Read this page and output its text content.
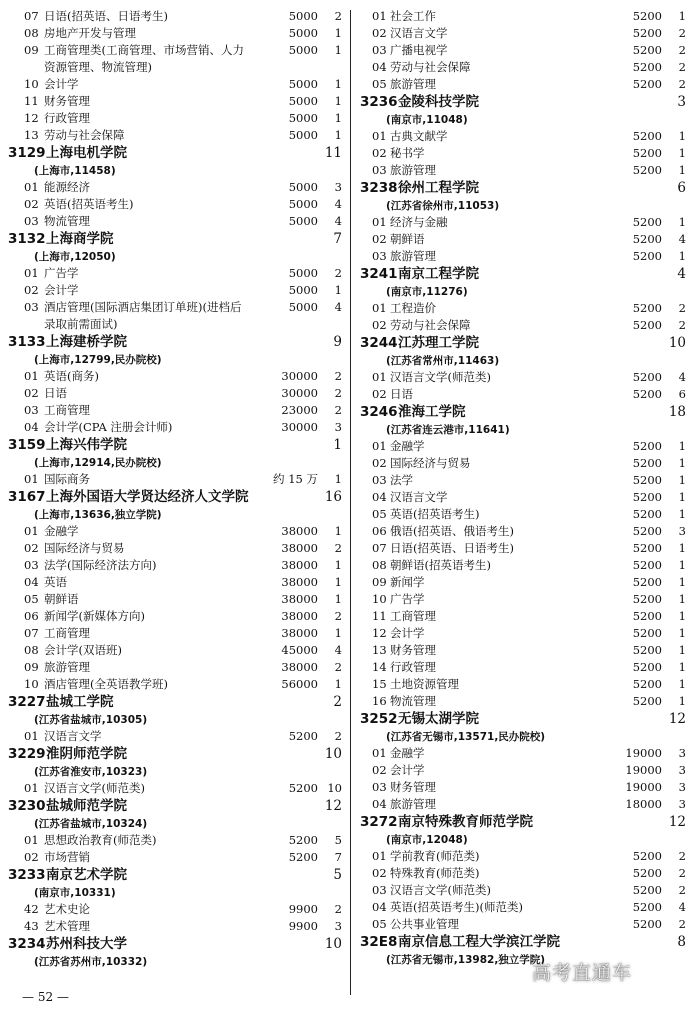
07 日语(招英语、日语考生)	5000 2
08 房地产开发与管理	5000 1
09 工商管理类(工商管理、市场营销、人力	5000 1
资源管理、物流管理)
10 会计学	5000 1
11 财务管理	5000 1
12 行政管理	5000 1
13 劳动与社会保障	5000 1
3129 上海电机学院	11
(上海市,11458)
01 能源经济	5000 3
02 英语(招英语考生)	5000 4
03 物流管理	5000 4
3132 上海商学院	7
(上海市,12050)
01 广告学	5000 2
02 会计学	5000 1
03 酒店管理(国际酒店集团订单班)(进档后	5000 4
录取前需面试)
3133 上海建桥学院	9
(上海市,12799,民办院校)
01 英语(商务)	30000 2
02 日语	30000 2
03 工商管理	23000 2
04 会计学(CPA 注册会计师)	30000 3
3159 上海兴伟学院	1
(上海市,12914,民办院校)
01 国际商务	约 15 万 1
3167 上海外国语大学贤达经济人文学院	16
(上海市,13636,独立学院)
01 金融学	38000 1
02 国际经济与贸易	38000 2
03 法学(国际经济法方向)	38000 1
04 英语	38000 1
05 朝鲜语	38000 1
06 新闻学(新媒体方向)	38000 2
07 工商管理	38000 1
08 会计学(双语班)	45000 4
09 旅游管理	38000 2
10 酒店管理(全英语教学班)	56000 1
3227 盐城工学院	2
(江苏省盐城市,10305)
01 汉语言文学	5200 2
3229 淮阴师范学院	10
(江苏省淮安市,10323)
01 汉语言文学(师范类)	5200 10
3230 盐城师范学院	12
(江苏省盐城市,10324)
01 思想政治教育(师范类)	5200 5
02 市场营销	5200 7
3233 南京艺术学院	5
(南京市,10331)
42 艺术史论	9900 2
43 艺术管理	9900 3
3234 苏州科技大学	10
(江苏省苏州市,10332)
01 社会工作	5200 1
02 汉语言文学	5200 2
03 广播电视学	5200 2
04 劳动与社会保障	5200 2
05 旅游管理	5200 2
3236 金陵科技学院	3
(南京市,11048)
01 古典文献学	5200 1
02 秘书学	5200 1
03 旅游管理	5200 1
3238 徐州工程学院	6
(江苏省徐州市,11053)
01 经济与金融	5200 1
02 朝鲜语	5200 4
03 旅游管理	5200 1
3241 南京工程学院	4
(南京市,11276)
01 工程造价	5200 2
02 劳动与社会保障	5200 2
3244 江苏理工学院	10
(江苏省常州市,11463)
01 汉语言文学(师范类)	5200 4
02 日语	5200 6
3246 淮海工学院	18
(江苏省连云港市,11641)
01 金融学	5200 1
02 国际经济与贸易	5200 1
03 法学	5200 1
04 汉语言文学	5200 1
05 英语(招英语考生)	5200 1
06 俄语(招英语、俄语考生)	5200 3
07 日语(招英语、日语考生)	5200 1
08 朝鲜语(招英语考生)	5200 1
09 新闻学	5200 1
10 广告学	5200 1
11 工商管理	5200 1
12 会计学	5200 1
13 财务管理	5200 1
14 行政管理	5200 1
15 土地资源管理	5200 1
16 物流管理	5200 1
3252 无锡太湖学院	12
(江苏省无锡市,13571,民办院校)
01 金融学	19000 3
02 会计学	19000 3
03 财务管理	19000 3
04 旅游管理	18000 3
3272 南京特殊教育师范学院	12
(南京市,12048)
01 学前教育(师范类)	5200 2
02 特殊教育(师范类)	5200 2
03 汉语言文学(师范类)	5200 2
04 英语(招英语考生)(师范类)	5200 4
05 公共事业管理	5200 2
32E8 南京信息工程大学滨江学院	8
(江苏省无锡市,13982,独立学院)
— 52 —
高考直通车
